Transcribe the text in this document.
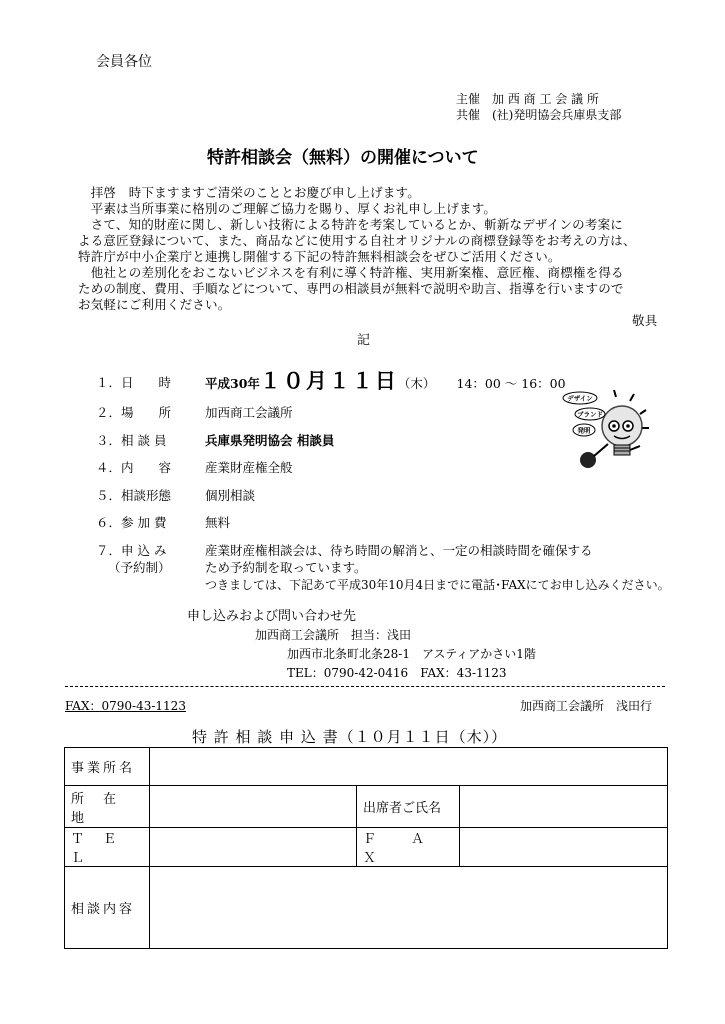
会員各位
主催　加 西 商 工 会 議 所
共催　(社)発明協会兵庫県支部
特許相談会（無料）の開催について
　拝啓　時下ますますご清栄のこととお慶び申し上げます。
　平素は当所事業に格別のご理解ご協力を賜り、厚くお礼申し上げます。
　さて、知的財産に関し、新しい技術による特許を考案しているとか、斬新なデザインの考案に
よる意匠登録について、また、商品などに使用する自社オリジナルの商標登録等をお考えの方は、
特許庁が中小企業庁と連携し開催する下記の特許無料相談会をぜひご活用ください。
　他社との差別化をおこないビジネスを有利に導く特許権、実用新案権、意匠権、商標権を得る
ための制度、費用、手順などについて、専門の相談員が無料で説明や助言、指導を行いますので
お気軽にご利用ください。
敬具
記
１．日　　時	平成30年１０月１１日（木） 14：00 〜 16：00
２．場　　所	加西商工会議所
３．相 談 員	兵庫県発明協会 相談員
４．内　　容	産業財産権全般
５．相談形態	個別相談
６．参 加 費	無料
７．申 込 み
（予約制）
産業財産権相談会は、待ち時間の解消と、一定の相談時間を確保する
ため予約制を取っています。
つきましては、下記あて平成30年10月4日までに電話･FAXにてお申し込みください。
デザイン
ブランド
発明
申し込みおよび問い合わせ先
加西商工会議所　担当：浅田
加西市北条町北条28-1　アスティアかさい1階
TEL：0790-42-0416　FAX：43-1123
FAX：0790-43-1123	加西商工会議所　浅田行
特 許 相 談 申 込 書（１０月１１日（木））
事業所名			
所　在　地		出席者ご氏名	
Ｔ　Ｅ　Ｌ		Ｆ　　Ａ　　Ｘ	
相談内容			
